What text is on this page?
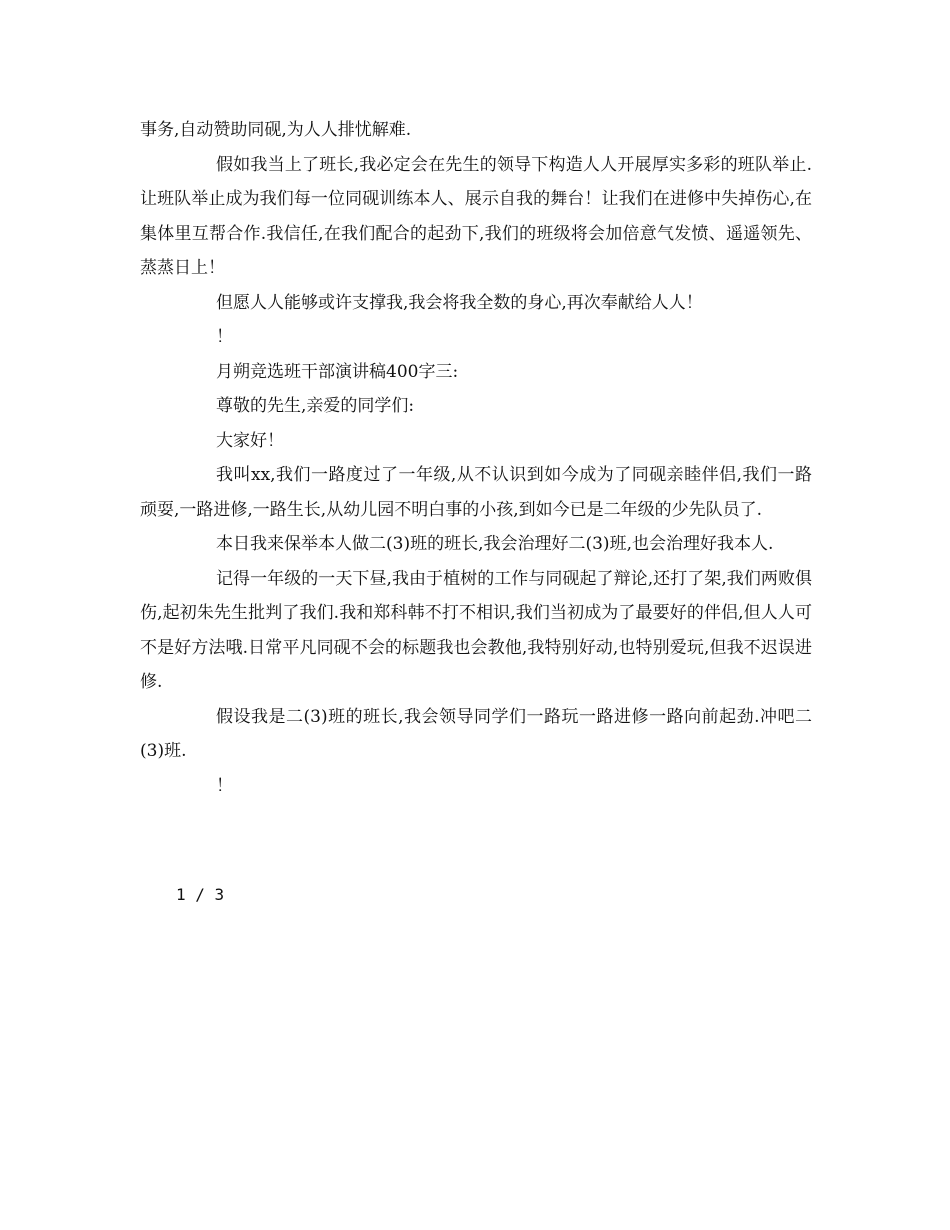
事务,自动赞助同砚,为人人排忧解难.

假如我当上了班长,我必定会在先生的领导下构造人人开展厚实多彩的班队举止.让班队举止成为我们每一位同砚训练本人、展示自我的舞台！让我们在进修中失掉伤心,在集体里互帮合作.我信任,在我们配合的起劲下,我们的班级将会加倍意气发愤、遥遥领先、蒸蒸日上！

但愿人人能够或许支撑我,我会将我全数的身心,再次奉献给人人！

！

月朔竞选班干部演讲稿400字三:

尊敬的先生,亲爱的同学们:

大家好！

我叫xx,我们一路度过了一年级,从不认识到如今成为了同砚亲睦伴侣,我们一路顽耍,一路进修,一路生长,从幼儿园不明白事的小孩,到如今已是二年级的少先队员了.

本日我来保举本人做二(3)班的班长,我会治理好二(3)班,也会治理好我本人.

记得一年级的一天下昼,我由于植树的工作与同砚起了辩论,还打了架,我们两败俱伤,起初朱先生批判了我们.我和郑科韩不打不相识,我们当初成为了最要好的伴侣,但人人可不是好方法哦.日常平凡同砚不会的标题我也会教他,我特别好动,也特别爱玩,但我不迟误进修.

假设我是二(3)班的班长,我会领导同学们一路玩一路进修一路向前起劲.冲吧二(3)班.

！

1 / 3
